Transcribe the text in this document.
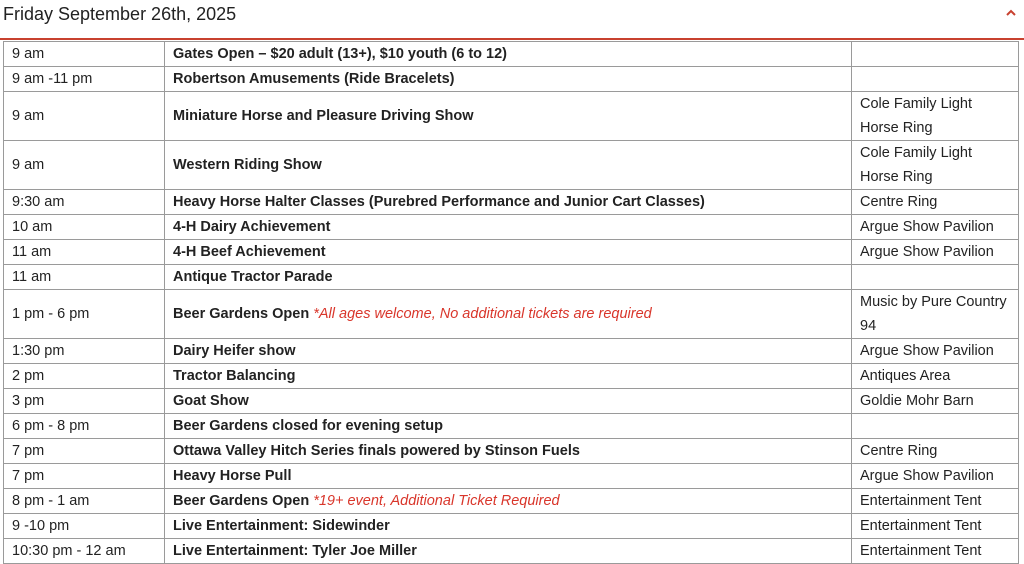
Friday September 26th, 2025
9 am	Gates Open – $20 adult (13+), $10 youth (6 to 12)	
9 am -11 pm	Robertson Amusements (Ride Bracelets)	
9 am	Miniature Horse and Pleasure Driving Show	Cole Family Light Horse Ring
9 am	Western Riding Show	Cole Family Light Horse Ring
9:30 am	Heavy Horse Halter Classes (Purebred Performance and Junior Cart Classes)	Centre Ring
10 am	4-H Dairy Achievement	Argue Show Pavilion
11 am	4-H Beef Achievement	Argue Show Pavilion
11 am	Antique Tractor Parade	
1 pm - 6 pm	Beer Gardens Open *All ages welcome, No additional tickets are required	Music by Pure Country 94
1:30 pm	Dairy Heifer show	Argue Show Pavilion
2 pm	Tractor Balancing	Antiques Area
3 pm	Goat Show	Goldie Mohr Barn
6 pm - 8 pm	Beer Gardens closed for evening setup	
7 pm	Ottawa Valley Hitch Series finals powered by Stinson Fuels	Centre Ring
7 pm	Heavy Horse Pull	Argue Show Pavilion
8 pm - 1 am	Beer Gardens Open *19+ event, Additional Ticket Required	Entertainment Tent
9 -10 pm	Live Entertainment: Sidewinder	Entertainment Tent
10:30 pm - 12 am	Live Entertainment: Tyler Joe Miller	Entertainment Tent
